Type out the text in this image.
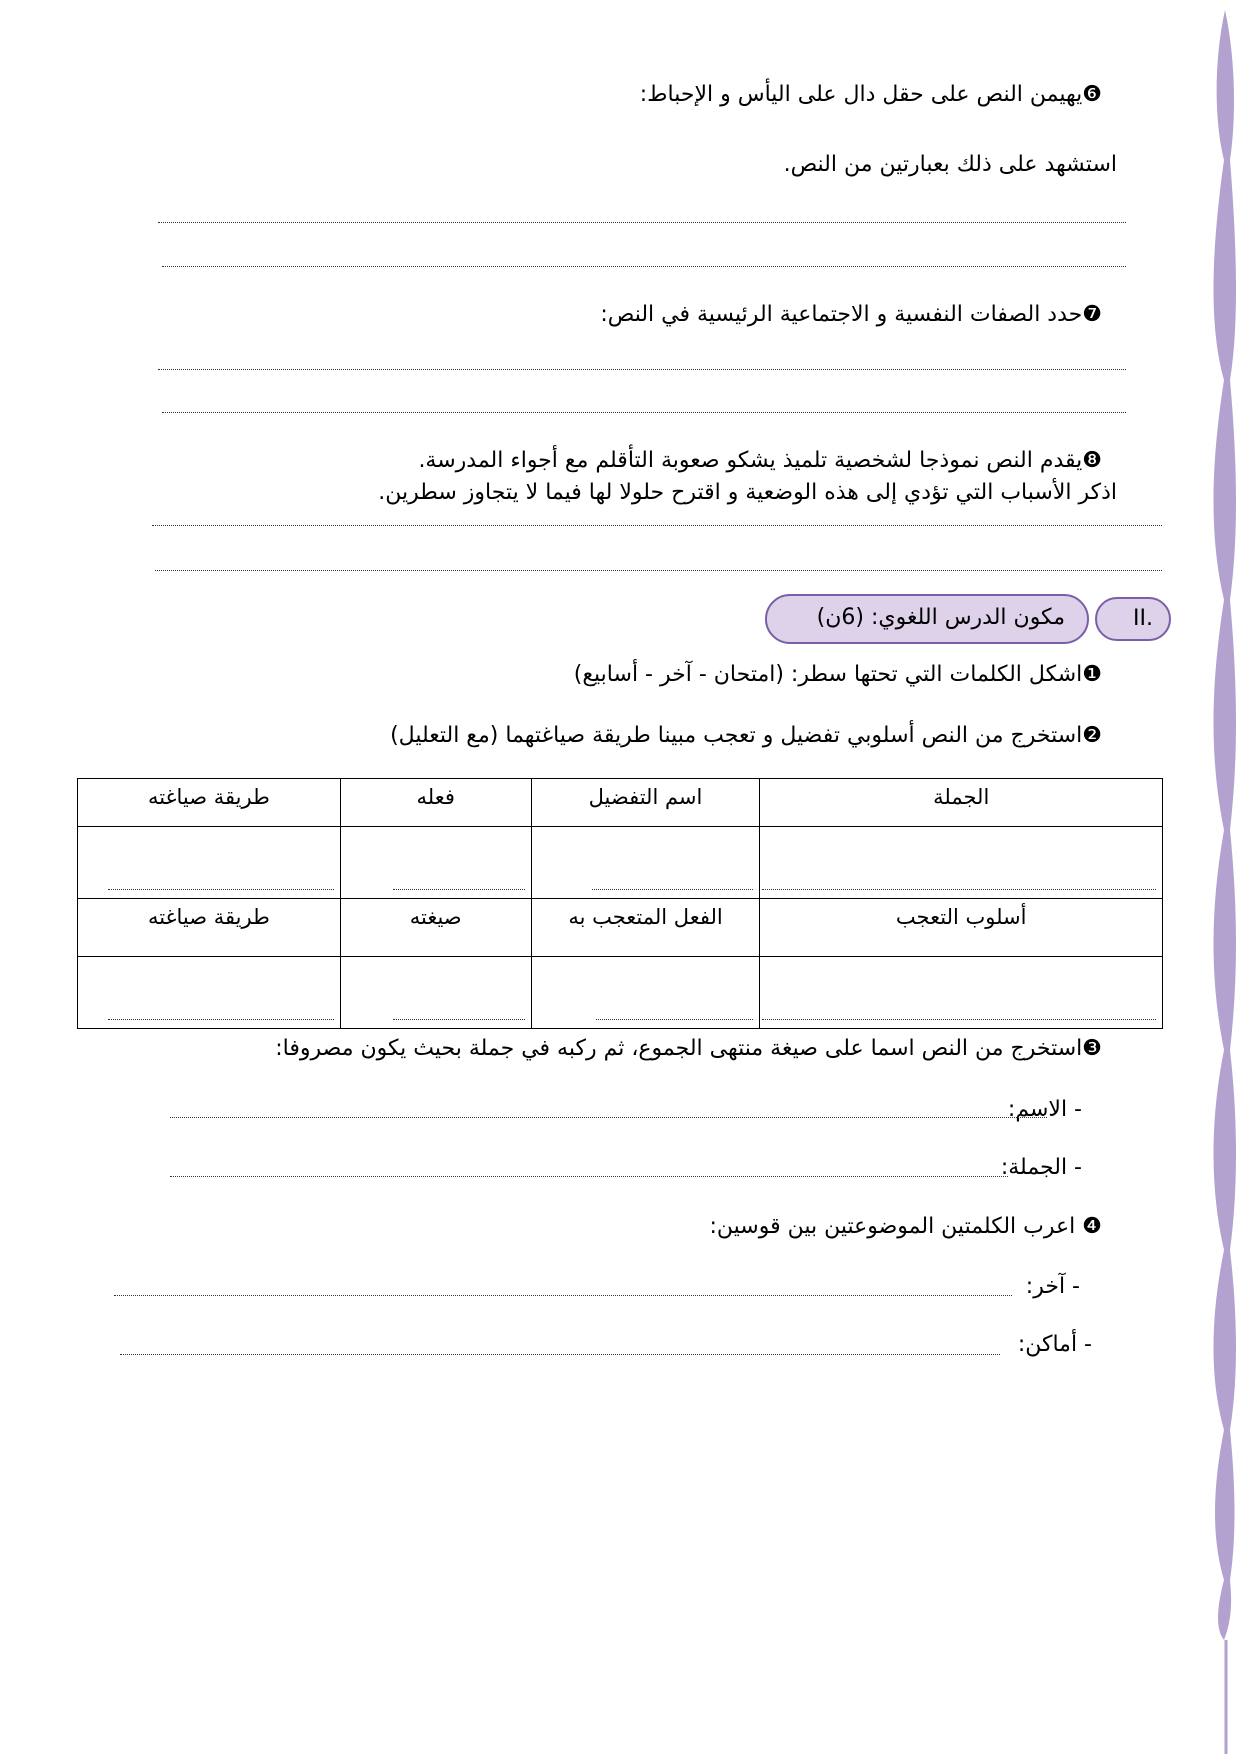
❻يهيمن النص على حقل دال على اليأس و الإحباط:
استشهد على ذلك بعبارتين من النص.
❼حدد الصفات النفسية و الاجتماعية الرئيسية في النص:
❽يقدم النص نموذجا لشخصية تلميذ يشكو صعوبة التأقلم مع أجواء المدرسة.
اذكر الأسباب التي تؤدي إلى هذه الوضعية و اقترح حلولا لها فيما لا يتجاوز سطرين.
مكون الدرس اللغوي: (6ن)	.II
❶اشكل الكلمات التي تحتها سطر: (امتحان - آخر - أسابيع)
❷استخرج من النص أسلوبي تفضيل و تعجب مبينا طريقة صياغتهما (مع التعليل)
الجملة	اسم التفضيل	فعله	طريقة صياغته

أسلوب التعجب	الفعل المتعجب به	صيغته	طريقة صياغته

❸استخرج من النص اسما على صيغة منتهى الجموع، ثم ركبه في جملة بحيث يكون مصروفا:
- الاسم:
- الجملة:
❹ اعرب الكلمتين الموضوعتين بين قوسين:
- آخر:
- أماكن:
